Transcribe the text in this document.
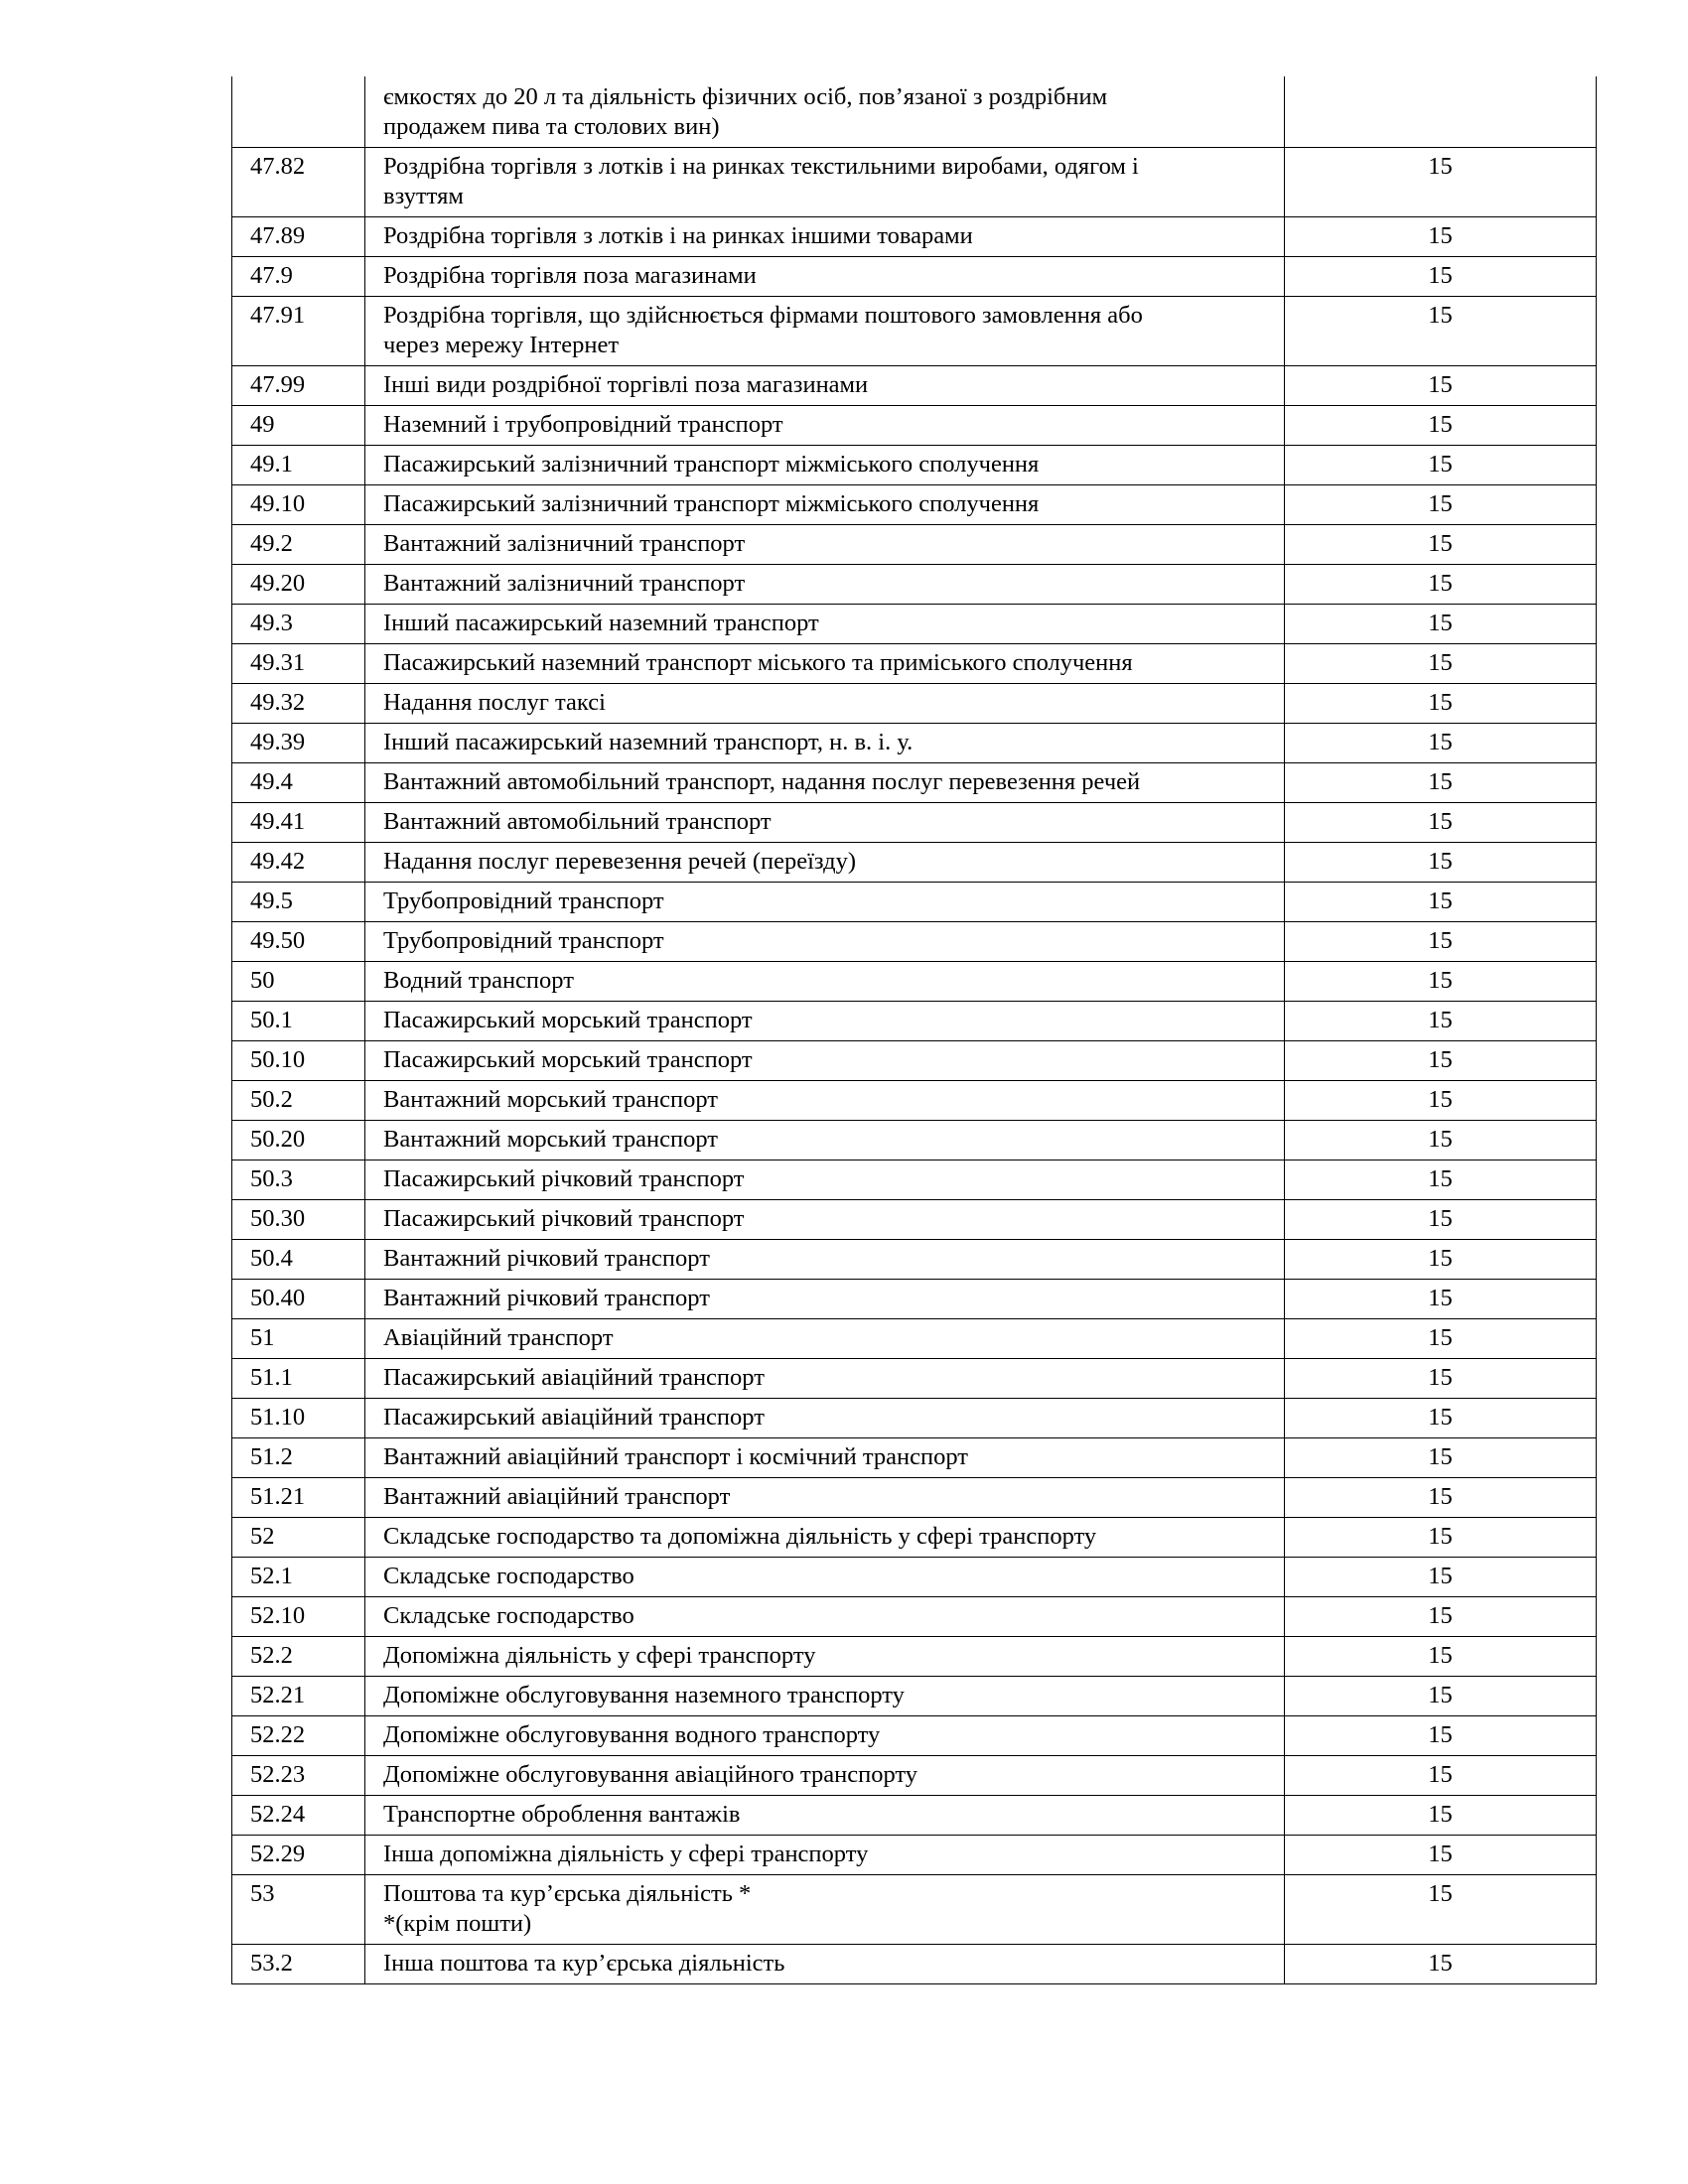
	ємкостях до 20 л та діяльність фізичних осіб, пов’язаної з роздрібним
продажем пива та столових вин)	

47.82	Роздрібна торгівля з лотків і на ринках текстильними виробами, одягом і
взуттям	15
47.89	Роздрібна торгівля з лотків і на ринках іншими товарами	15
47.9	Роздрібна торгівля поза магазинами	15
47.91	Роздрібна торгівля, що здійснюється фірмами поштового замовлення або
через мережу Інтернет	15
47.99	Інші види роздрібної торгівлі поза магазинами	15
49	Наземний і трубопровідний транспорт	15
49.1	Пасажирський залізничний транспорт міжміського сполучення	15
49.10	Пасажирський залізничний транспорт міжміського сполучення	15
49.2	Вантажний залізничний транспорт	15
49.20	Вантажний залізничний транспорт	15
49.3	Інший пасажирський наземний транспорт	15
49.31	Пасажирський наземний транспорт міського та приміського сполучення	15
49.32	Надання послуг таксі	15
49.39	Інший пасажирський наземний транспорт, н. в. і. у.	15
49.4	Вантажний автомобільний транспорт, надання послуг перевезення речей	15
49.41	Вантажний автомобільний транспорт	15
49.42	Надання послуг перевезення речей (переїзду)	15
49.5	Трубопровідний транспорт	15
49.50	Трубопровідний транспорт	15
50	Водний транспорт	15
50.1	Пасажирський морський транспорт	15
50.10	Пасажирський морський транспорт	15
50.2	Вантажний морський транспорт	15
50.20	Вантажний морський транспорт	15
50.3	Пасажирський річковий транспорт	15
50.30	Пасажирський річковий транспорт	15
50.4	Вантажний річковий транспорт	15
50.40	Вантажний річковий транспорт	15
51	Авіаційний транспорт	15
51.1	Пасажирський авіаційний транспорт	15
51.10	Пасажирський авіаційний транспорт	15
51.2	Вантажний авіаційний транспорт і космічний транспорт	15
51.21	Вантажний авіаційний транспорт	15
52	Складське господарство та допоміжна діяльність у сфері транспорту	15
52.1	Складське господарство	15
52.10	Складське господарство	15
52.2	Допоміжна діяльність у сфері транспорту	15
52.21	Допоміжне обслуговування наземного транспорту	15
52.22	Допоміжне обслуговування водного транспорту	15
52.23	Допоміжне обслуговування авіаційного транспорту	15
52.24	Транспортне оброблення вантажів	15
52.29	Інша допоміжна діяльність у сфері транспорту	15
53	Поштова та кур’єрська діяльність *
*(крім пошти)	15
53.2	Інша поштова та кур’єрська діяльність	15
